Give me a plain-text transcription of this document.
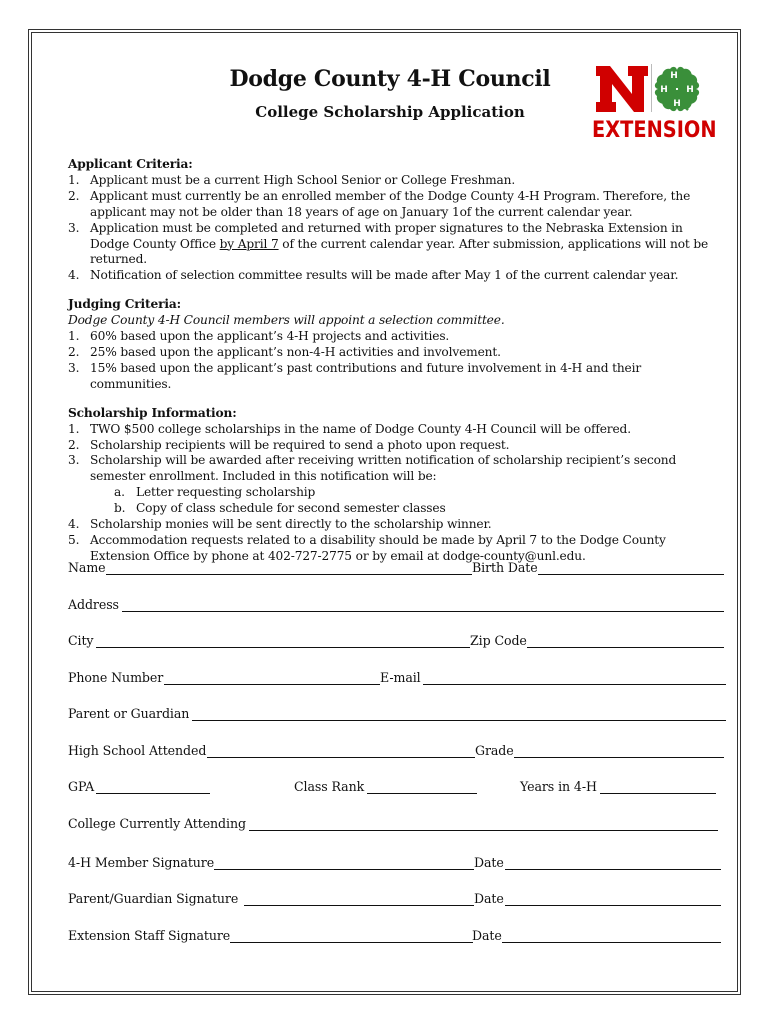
Dodge County 4-H Council
College Scholarship Application
H
H
H
H
EXTENSION
Applicant Criteria:
1. Applicant must be a current High School Senior or College Freshman.
2. Applicant must currently be an enrolled member of the Dodge County 4-H Program. Therefore, the applicant may not be older than 18 years of age on January 1of the current calendar year.
3. Application must be completed and returned with proper signatures to the Nebraska Extension in Dodge County Office by April 7 of the current calendar year. After submission, applications will not be returned.
4. Notification of selection committee results will be made after May 1 of the current calendar year.
Judging Criteria:
Dodge County 4-H Council members will appoint a selection committee.
1. 60% based upon the applicant’s 4-H projects and activities.
2. 25% based upon the applicant’s non-4-H activities and involvement.
3. 15% based upon the applicant’s past contributions and future involvement in 4-H and their communities.
Scholarship Information:
1. TWO $500 college scholarships in the name of Dodge County 4-H Council will be offered.
2. Scholarship recipients will be required to send a photo upon request.
3. Scholarship will be awarded after receiving written notification of scholarship recipient’s second semester enrollment. Included in this notification will be:
a. Letter requesting scholarship
b. Copy of class schedule for second semester classes
4. Scholarship monies will be sent directly to the scholarship winner.
5. Accommodation requests related to a disability should be made by April 7 to the Dodge County Extension Office by phone at 402-727-2775 or by email at dodge-county@unl.edu.
Name	Birth Date
Address
City	Zip Code
Phone Number	E-mail
Parent or Guardian
High School Attended	Grade
GPA	Class Rank	Years in 4-H
College Currently Attending
4-H Member Signature	Date
Parent/Guardian Signature	Date
Extension Staff Signature	Date
